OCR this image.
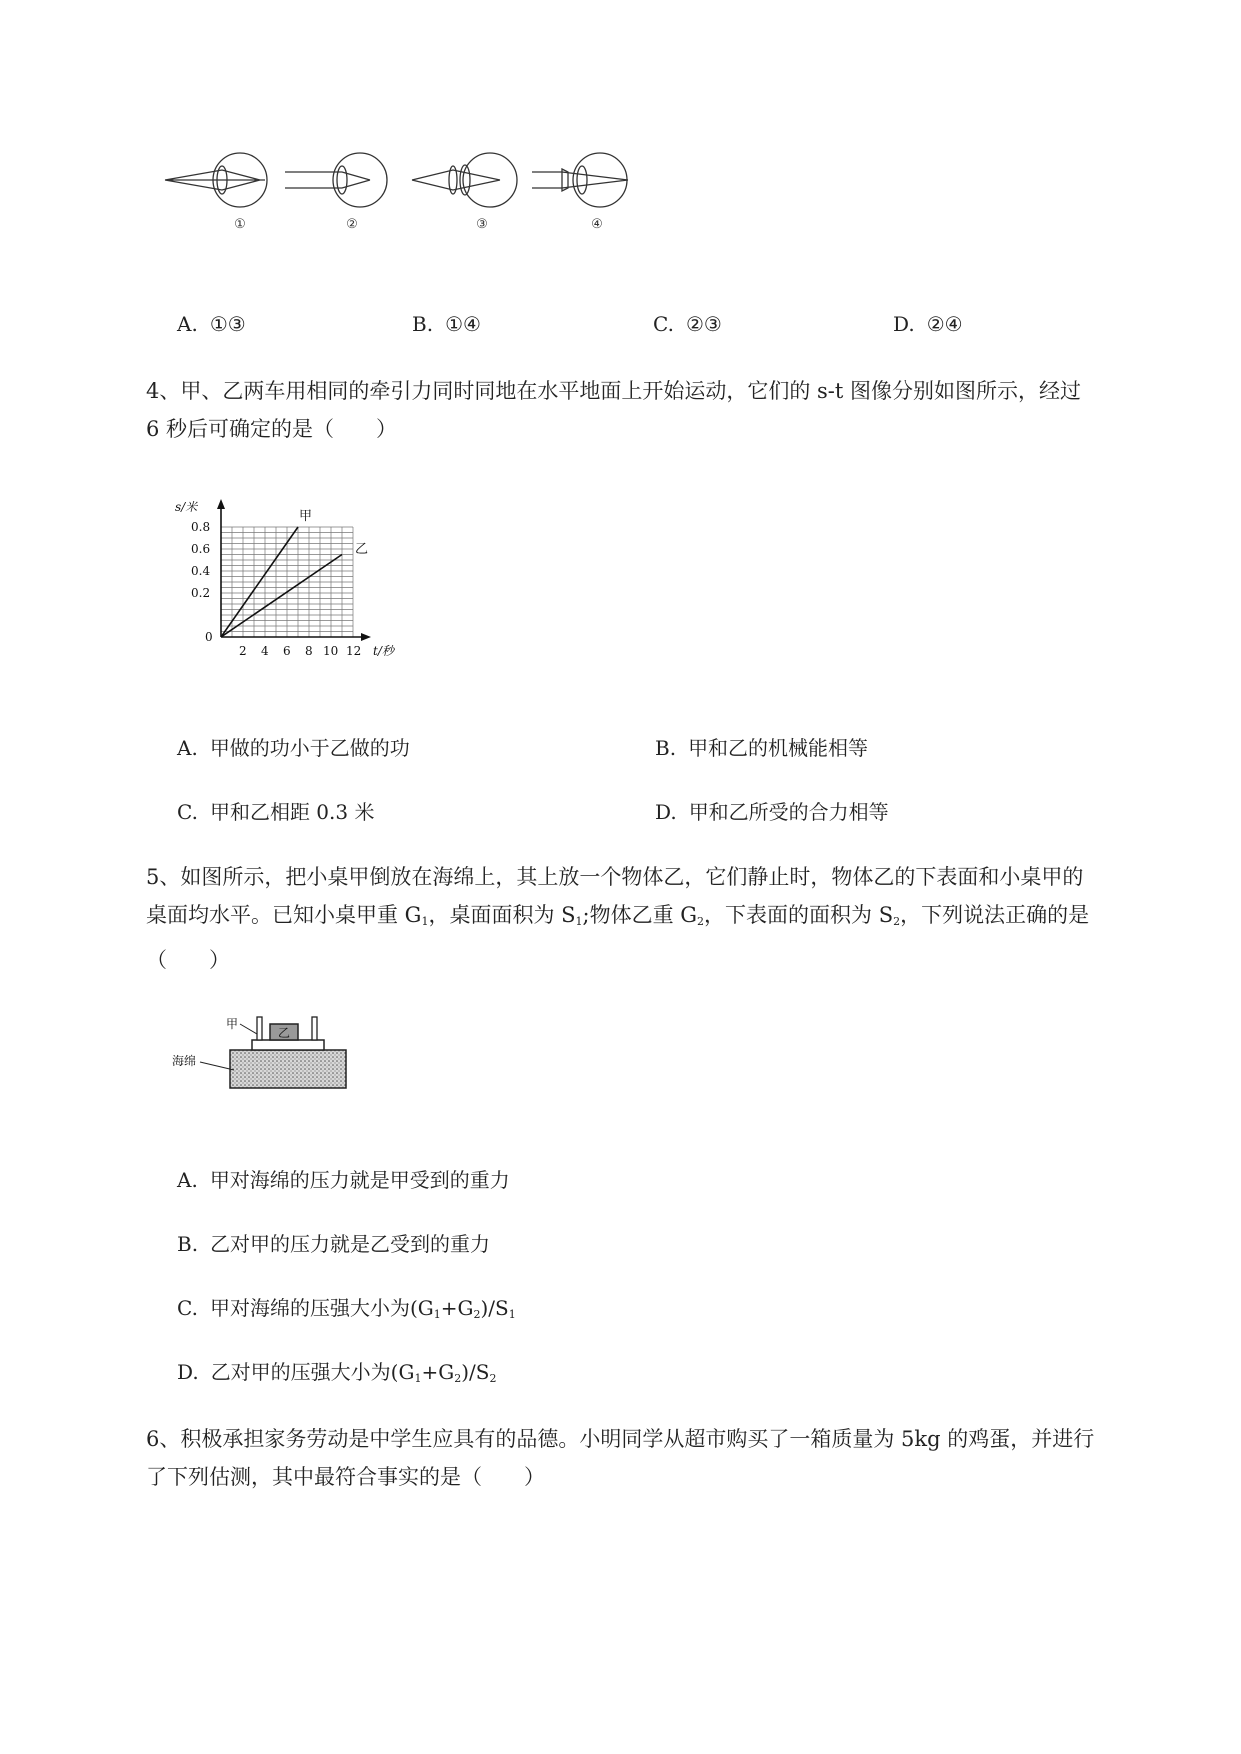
①	②	③	④
A. ①③	B. ①④	C. ②③	D. ②④

4、甲、乙两车用相同的牵引力同时同地在水平地面上开始运动，它们的 s-t 图像分别如图所示，经过

6 秒后可确定的是（　　）

s/米
0.8
0.6
0.4
0.2
0
2 4 6 8 10 12 t/秒
甲
乙
A. 甲做的功小于乙做的功	B. 甲和乙的机械能相等
C. 甲和乙相距 0.3 米	D. 甲和乙所受的合力相等

5、如图所示，把小桌甲倒放在海绵上，其上放一个物体乙，它们静止时，物体乙的下表面和小桌甲的

桌面均水平。已知小桌甲重 $G_1$，桌面面积为 $S_1$;物体乙重 $G_2$，下表面的面积为 $S_2$，下列说法正确的是

（　　）

乙
甲
海绵
A. 甲对海绵的压力就是甲受到的重力
B. 乙对甲的压力就是乙受到的重力
C. 甲对海绵的压强大小为$(G_1+G_2)/S_1$
D. 乙对甲的压强大小为$(G_1+G_2)/S_2$

6、积极承担家务劳动是中学生应具有的品德。小明同学从超市购买了一箱质量为 5kg 的鸡蛋，并进行

了下列估测，其中最符合事实的是（　　）
